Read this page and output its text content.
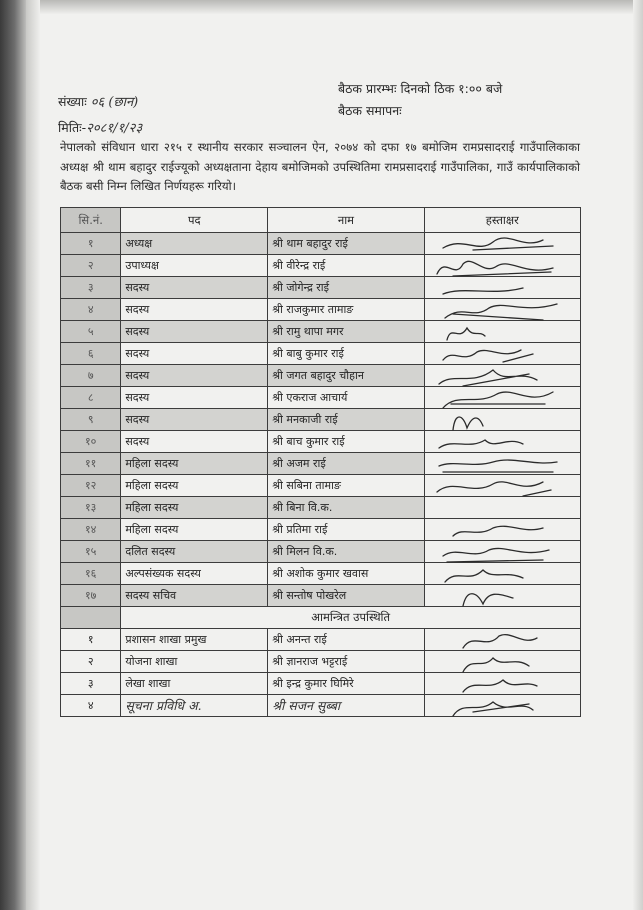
संख्याः ०६ (छान)
मितिः-२०८१/१/२३
बैठक प्रारम्भः दिनको ठिक १:०० बजे
बैठक समापनः
नेपालको संविधान धारा २१५ र स्थानीय सरकार सञ्चालन ऐन, २०७४ को दफा १७ बमोजिम रामप्रसादराई गाउँपालिकाका अध्यक्ष श्री थाम बहादुर राईज्यूको अध्यक्षताना देहाय बमोजिमको उपस्थितिमा रामप्रसादराई गाउँपालिका, गाउँ कार्यपालिकाको बैठक बसी निम्न लिखित निर्णयहरू गरियो।
सि.नं.	पद	नाम	हस्ताक्षर
१	अध्यक्ष	श्री थाम बहादुर राई	

२	उपाध्यक्ष	श्री वीरेन्द्र राई	

३	सदस्य	श्री जोगेन्द्र राई	

४	सदस्य	श्री राजकुमार तामाङ	

५	सदस्य	श्री रामु थापा मगर	

६	सदस्य	श्री बाबु कुमार राई	

७	सदस्य	श्री जगत बहादुर चौहान	

८	सदस्य	श्री एकराज आचार्य	

९	सदस्य	श्री मनकाजी राई	

१०	सदस्य	श्री बाच कुमार राई	

११	महिला सदस्य	श्री अजम राई	

१२	महिला सदस्य	श्री सबिना तामाङ	

१३	महिला सदस्य	श्री बिना वि.क.	
१४	महिला सदस्य	श्री प्रतिमा राई	

१५	दलित सदस्य	श्री मिलन वि.क.	

१६	अल्पसंख्यक सदस्य	श्री अशोक कुमार खवास	

१७	सदस्य सचिव	श्री सन्तोष पोखरेल	

	आमन्त्रित उपस्थिति		
१	प्रशासन शाखा प्रमुख	श्री अनन्त राई	

२	योजना शाखा	श्री ज्ञानराज भट्टराई	

३	लेखा शाखा	श्री इन्द्र कुमार घिमिरे	

४	सूचना प्रविधि अ.	श्री सजन सुब्बा	
